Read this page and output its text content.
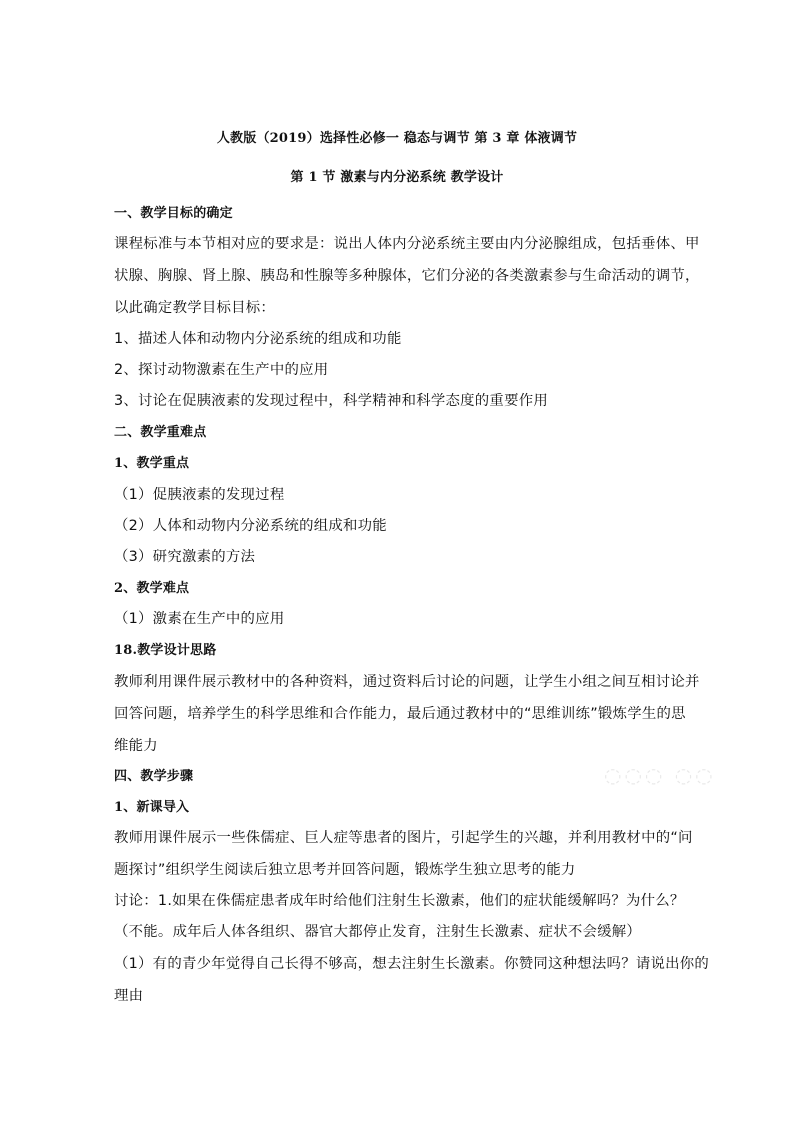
人教版（2019）选择性必修一 稳态与调节 第 3 章 体液调节
第 1 节 激素与内分泌系统 教学设计
一、教学目标的确定
课程标准与本节相对应的要求是：说出人体内分泌系统主要由内分泌腺组成，包括垂体、甲
状腺、胸腺、肾上腺、胰岛和性腺等多种腺体，它们分泌的各类激素参与生命活动的调节，
以此确定教学目标目标：
1、描述人体和动物内分泌系统的组成和功能
2、探讨动物激素在生产中的应用
3、讨论在促胰液素的发现过程中，科学精神和科学态度的重要作用
二、教学重难点
1、教学重点
（1）促胰液素的发现过程
（2）人体和动物内分泌系统的组成和功能
（3）研究激素的方法
2、教学难点
（1）激素在生产中的应用
18.教学设计思路
教师利用课件展示教材中的各种资料，通过资料后讨论的问题，让学生小组之间互相讨论并
回答问题，培养学生的科学思维和合作能力，最后通过教材中的“思维训练”锻炼学生的思
维能力
四、教学步骤
1、新课导入
教师用课件展示一些侏儒症、巨人症等患者的图片，引起学生的兴趣，并利用教材中的“问
题探讨”组织学生阅读后独立思考并回答问题，锻炼学生独立思考的能力
讨论：1.如果在侏儒症患者成年时给他们注射生长激素，他们的症状能缓解吗？为什么？
（不能。成年后人体各组织、器官大都停止发育，注射生长激素、症状不会缓解）
（1）有的青少年觉得自己长得不够高，想去注射生长激素。你赞同这种想法吗？请说出你的
理由
◌◌◌ ◌◌
